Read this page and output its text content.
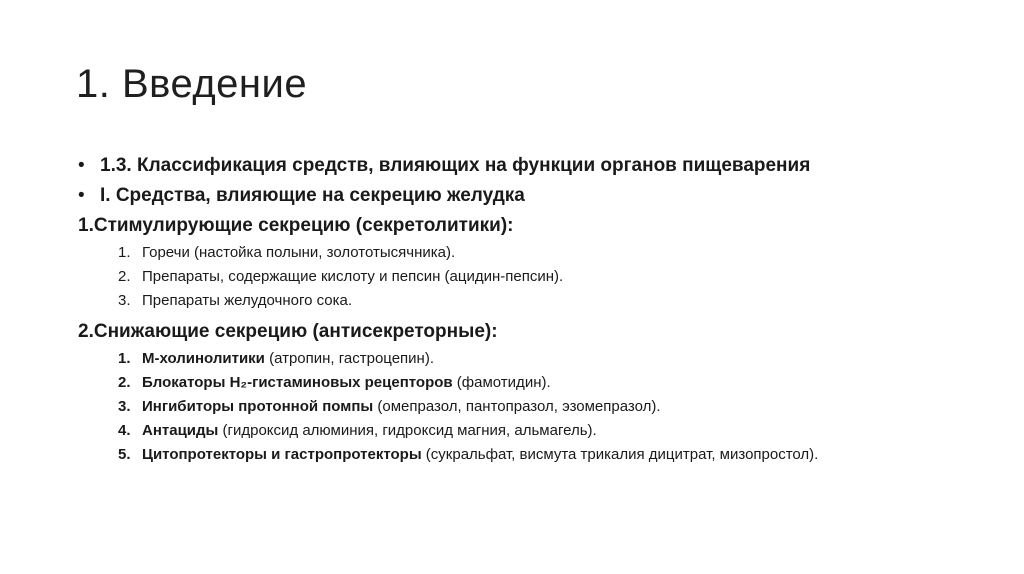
1. Введение
• 1.3. Классификация средств, влияющих на функции органов пищеварения
• I. Средства, влияющие на секрецию желудка
1.Стимулирующие секрецию (секретолитики):
1. Горечи (настойка полыни, золототысячника).
2. Препараты, содержащие кислоту и пепсин (ацидин-пепсин).
3. Препараты желудочного сока.
2.Снижающие секрецию (антисекреторные):
1. М-холинолитики (атропин, гастроцепин).
2. Блокаторы Н₂-гистаминовых рецепторов (фамотидин).
3. Ингибиторы протонной помпы (омепразол, пантопразол, эзомепразол).
4. Антациды (гидроксид алюминия, гидроксид магния, альмагель).
5. Цитопротекторы и гастропротекторы (сукральфат, висмута трикалия дицитрат, мизопростол).
